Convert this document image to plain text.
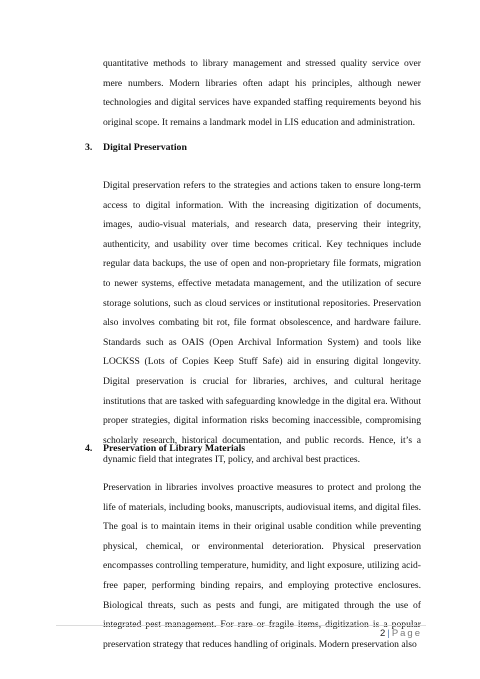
quantitative methods to library management and stressed quality service over mere numbers. Modern libraries often adapt his principles, although newer technologies and digital services have expanded staffing requirements beyond his original scope. It remains a landmark model in LIS education and administration.

3. Digital Preservation

Digital preservation refers to the strategies and actions taken to ensure long-term access to digital information. With the increasing digitization of documents, images, audio-visual materials, and research data, preserving their integrity, authenticity, and usability over time becomes critical. Key techniques include regular data backups, the use of open and non-proprietary file formats, migration to newer systems, effective metadata management, and the utilization of secure storage solutions, such as cloud services or institutional repositories. Preservation also involves combating bit rot, file format obsolescence, and hardware failure. Standards such as OAIS (Open Archival Information System) and tools like LOCKSS (Lots of Copies Keep Stuff Safe) aid in ensuring digital longevity. Digital preservation is crucial for libraries, archives, and cultural heritage institutions that are tasked with safeguarding knowledge in the digital era. Without proper strategies, digital information risks becoming inaccessible, compromising scholarly research, historical documentation, and public records. Hence, it’s a dynamic field that integrates IT, policy, and archival best practices.

4. Preservation of Library Materials

Preservation in libraries involves proactive measures to protect and prolong the life of materials, including books, manuscripts, audiovisual items, and digital files. The goal is to maintain items in their original usable condition while preventing physical, chemical, or environmental deterioration. Physical preservation encompasses controlling temperature, humidity, and light exposure, utilizing acid-free paper, performing binding repairs, and employing protective enclosures. Biological threats, such as pests and fungi, are mitigated through the use of integrated pest management. For rare or fragile items, digitization is a popular preservation strategy that reduces handling of originals. Modern preservation also

2 | Page
